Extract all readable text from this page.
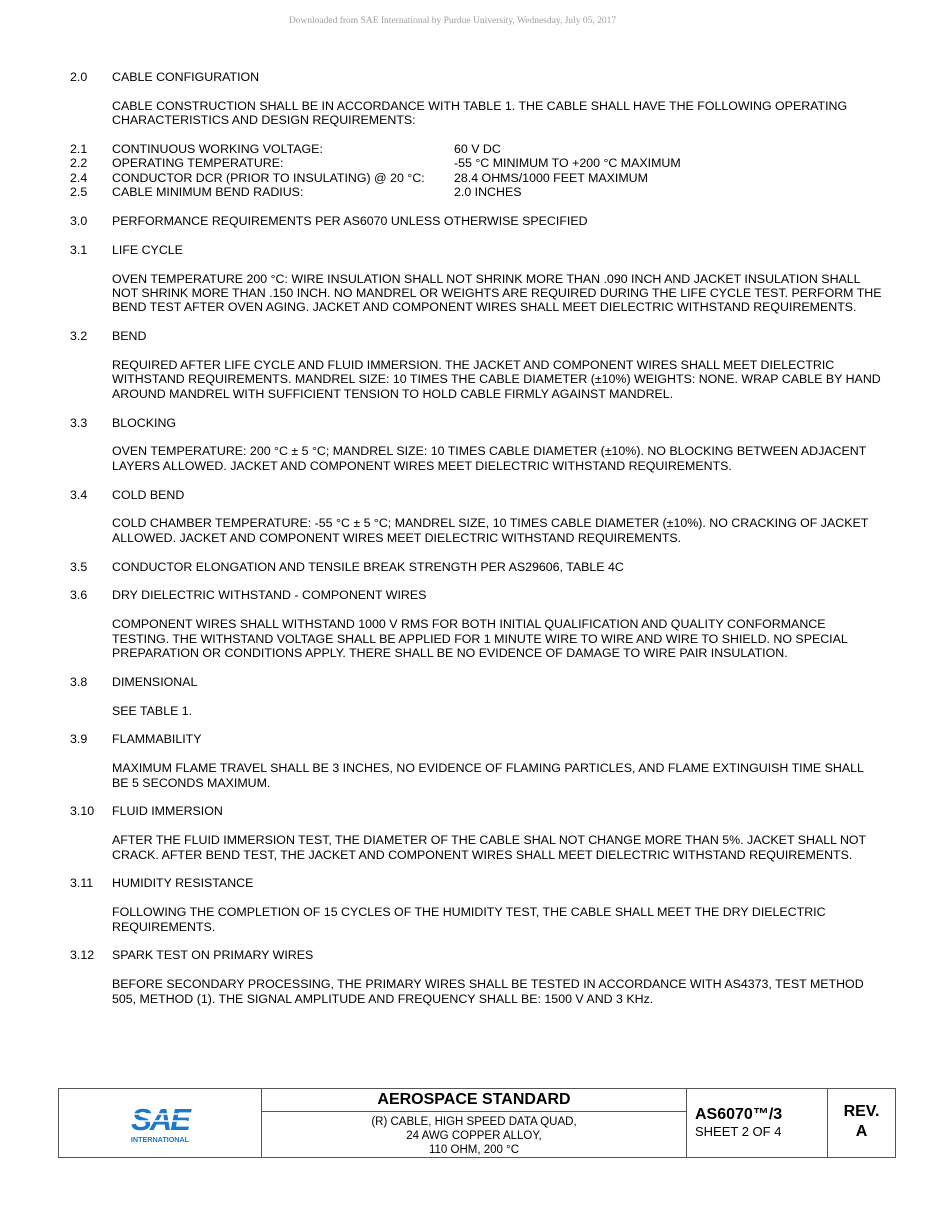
Downloaded from SAE International by Purdue University, Wednesday, July 05, 2017
2.0	CABLE CONFIGURATION
CABLE CONSTRUCTION SHALL BE IN ACCORDANCE WITH TABLE 1. THE CABLE SHALL HAVE THE FOLLOWING OPERATING CHARACTERISTICS AND DESIGN REQUIREMENTS:
2.1	CONTINUOUS WORKING VOLTAGE:	60 V DC
2.2	OPERATING TEMPERATURE:	-55 °C MINIMUM TO +200 °C MAXIMUM
2.4	CONDUCTOR DCR (PRIOR TO INSULATING) @ 20 °C:	28.4 OHMS/1000 FEET MAXIMUM
2.5	CABLE MINIMUM BEND RADIUS:	2.0 INCHES
3.0	PERFORMANCE REQUIREMENTS PER AS6070 UNLESS OTHERWISE SPECIFIED
3.1	LIFE CYCLE
OVEN TEMPERATURE 200 °C: WIRE INSULATION SHALL NOT SHRINK MORE THAN .090 INCH AND JACKET INSULATION SHALL NOT SHRINK MORE THAN .150 INCH. NO MANDREL OR WEIGHTS ARE REQUIRED DURING THE LIFE CYCLE TEST. PERFORM THE BEND TEST AFTER OVEN AGING. JACKET AND COMPONENT WIRES SHALL MEET DIELECTRIC WITHSTAND REQUIREMENTS.
3.2	BEND
REQUIRED AFTER LIFE CYCLE AND FLUID IMMERSION. THE JACKET AND COMPONENT WIRES SHALL MEET DIELECTRIC WITHSTAND REQUIREMENTS. MANDREL SIZE: 10 TIMES THE CABLE DIAMETER (±10%) WEIGHTS: NONE. WRAP CABLE BY HAND AROUND MANDREL WITH SUFFICIENT TENSION TO HOLD CABLE FIRMLY AGAINST MANDREL.
3.3	BLOCKING
OVEN TEMPERATURE: 200 °C ± 5 °C; MANDREL SIZE: 10 TIMES CABLE DIAMETER (±10%). NO BLOCKING BETWEEN ADJACENT LAYERS ALLOWED. JACKET AND COMPONENT WIRES MEET DIELECTRIC WITHSTAND REQUIREMENTS.
3.4	COLD BEND
COLD CHAMBER TEMPERATURE: -55 °C ± 5 °C; MANDREL SIZE, 10 TIMES CABLE DIAMETER (±10%). NO CRACKING OF JACKET ALLOWED. JACKET AND COMPONENT WIRES MEET DIELECTRIC WITHSTAND REQUIREMENTS.
3.5	CONDUCTOR ELONGATION AND TENSILE BREAK STRENGTH PER AS29606, TABLE 4C
3.6	DRY DIELECTRIC WITHSTAND - COMPONENT WIRES
COMPONENT WIRES SHALL WITHSTAND 1000 V RMS FOR BOTH INITIAL QUALIFICATION AND QUALITY CONFORMANCE TESTING. THE WITHSTAND VOLTAGE SHALL BE APPLIED FOR 1 MINUTE WIRE TO WIRE AND WIRE TO SHIELD. NO SPECIAL PREPARATION OR CONDITIONS APPLY. THERE SHALL BE NO EVIDENCE OF DAMAGE TO WIRE PAIR INSULATION.
3.8	DIMENSIONAL
SEE TABLE 1.
3.9	FLAMMABILITY
MAXIMUM FLAME TRAVEL SHALL BE 3 INCHES, NO EVIDENCE OF FLAMING PARTICLES, AND FLAME EXTINGUISH TIME SHALL BE 5 SECONDS MAXIMUM.
3.10	FLUID IMMERSION
AFTER THE FLUID IMMERSION TEST, THE DIAMETER OF THE CABLE SHAL NOT CHANGE MORE THAN 5%. JACKET SHALL NOT CRACK. AFTER BEND TEST, THE JACKET AND COMPONENT WIRES SHALL MEET DIELECTRIC WITHSTAND REQUIREMENTS.
3.11	HUMIDITY RESISTANCE
FOLLOWING THE COMPLETION OF 15 CYCLES OF THE HUMIDITY TEST, THE CABLE SHALL MEET THE DRY DIELECTRIC REQUIREMENTS.
3.12	SPARK TEST ON PRIMARY WIRES
BEFORE SECONDARY PROCESSING, THE PRIMARY WIRES SHALL BE TESTED IN ACCORDANCE WITH AS4373, TEST METHOD 505, METHOD (1). THE SIGNAL AMPLITUDE AND FREQUENCY SHALL BE: 1500 V AND 3 KHz.
SAE
INTERNATIONAL
AEROSPACE STANDARD
(R) CABLE, HIGH SPEED DATA QUAD,
24 AWG COPPER ALLOY,
110 OHM, 200 °C
AS6070™/3
SHEET 2 OF 4
REV.
A
